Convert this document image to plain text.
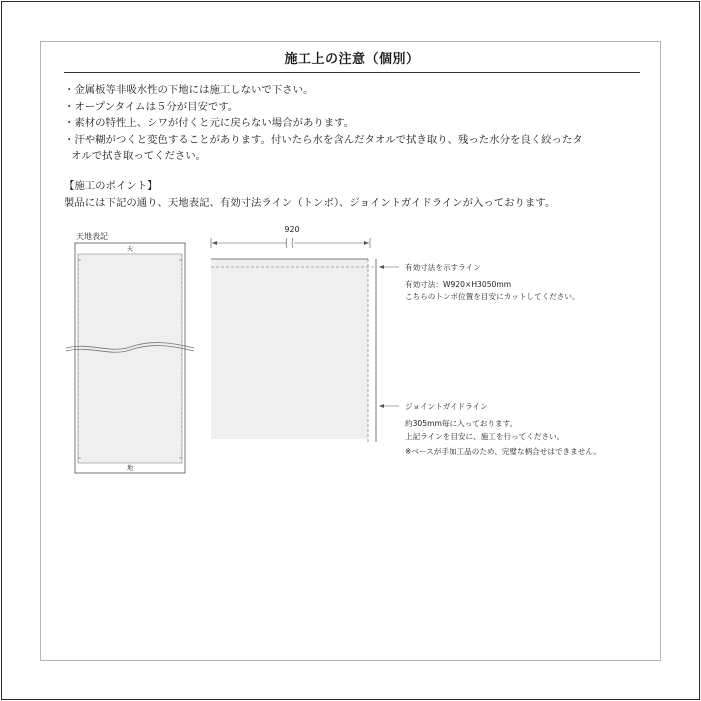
施工上の注意（個別）
・金属板等非吸水性の下地には施工しないで下さい。
・オープンタイムは５分が目安です。
・素材の特性上、シワが付くと元に戻らない場合があります。
・汗や糊がつくと変色することがあります。付いたら水を含んだタオルで拭き取り、残った水分を良く絞ったタ
オルで拭き取ってください。
【施工のポイント】
製品には下記の通り、天地表記、有効寸法ライン（トンボ）、ジョイントガイドラインが入っております。
天地表記
天
地
920
有効寸法を示すライン
有効寸法：W920×H3050mm
こちらのトンボ位置を目安にカットしてください。
ジョイントガイドライン
約305mm毎に入っております。
上記ラインを目安に、施工を行ってください。
※ベースが手加工品のため、完璧な柄合せはできません。
